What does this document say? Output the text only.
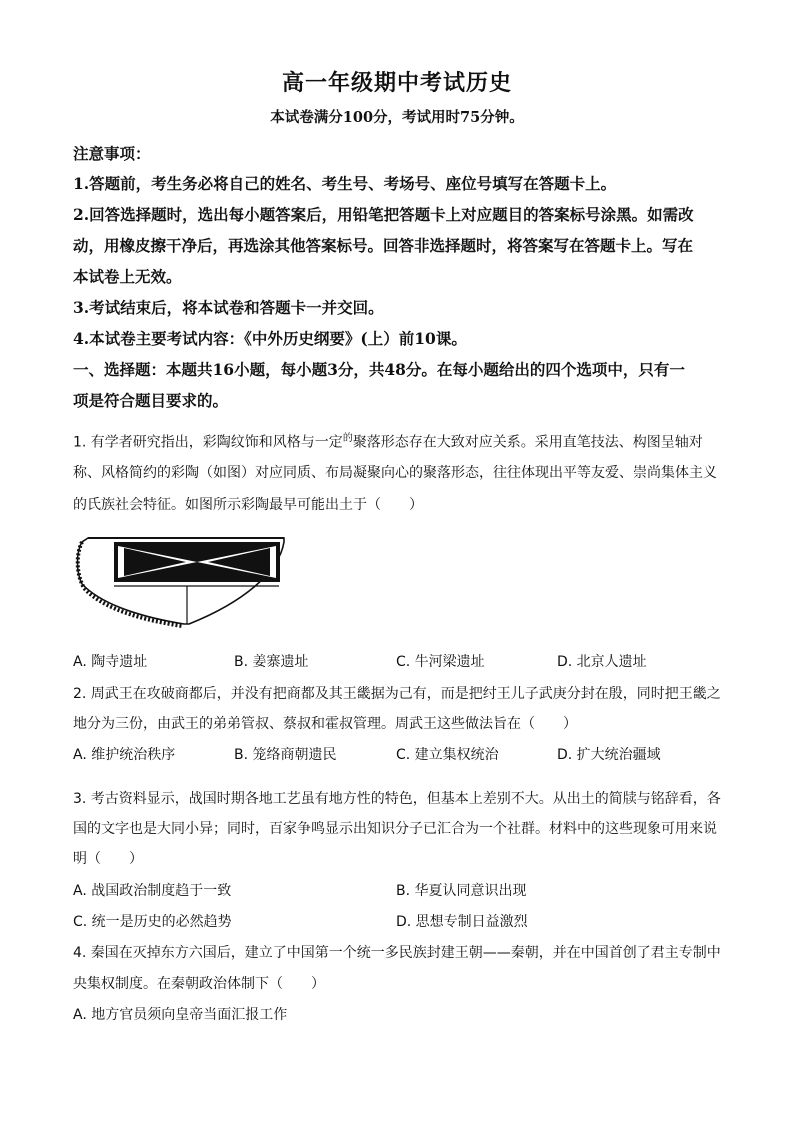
高一年级期中考试历史
本试卷满分100分，考试用时75分钟。
注意事项：
1.答题前，考生务必将自己的姓名、考生号、考场号、座位号填写在答题卡上。
2.回答选择题时，选出每小题答案后，用铅笔把答题卡上对应题目的答案标号涂黑。如需改
动，用橡皮擦干净后，再选涂其他答案标号。回答非选择题时，将答案写在答题卡上。写在
本试卷上无效。
3.考试结束后，将本试卷和答题卡一并交回。
4.本试卷主要考试内容：《中外历史纲要》(上）前10课。
一、选择题：本题共16小题，每小题3分，共48分。在每小题给出的四个选项中，只有一
项是符合题目要求的。
1. 有学者研究指出，彩陶纹饰和风格与一定$^的$聚落形态存在大致对应关系。采用直笔技法、构图呈轴对
称、风格简约的彩陶（如图）对应同质、布局凝聚向心的聚落形态，往往体现出平等友爱、崇尚集体主义
的氏族社会特征。如图所示彩陶最早可能出土于（　　）
A. 陶寺遗址	B. 姜寨遗址	C. 牛河梁遗址	D. 北京人遗址
2. 周武王在攻破商都后，并没有把商都及其王畿据为己有，而是把纣王儿子武庚分封在殷，同时把王畿之
地分为三份，由武王的弟弟管叔、蔡叔和霍叔管理。周武王这些做法旨在（　　）
A. 维护统治秩序	B. 笼络商朝遗民	C. 建立集权统治	D. 扩大统治疆域
3. 考古资料显示，战国时期各地工艺虽有地方性的特色，但基本上差别不大。从出土的简牍与铭辞看，各
国的文字也是大同小异；同时，百家争鸣显示出知识分子已汇合为一个社群。材料中的这些现象可用来说
明（　　）
A. 战国政治制度趋于一致	B. 华夏认同意识出现
C. 统一是历史的必然趋势	D. 思想专制日益激烈
4. 秦国在灭掉东方六国后，建立了中国第一个统一多民族封建王朝——秦朝，并在中国首创了君主专制中
央集权制度。在秦朝政治体制下（　　）
A. 地方官员须向皇帝当面汇报工作
